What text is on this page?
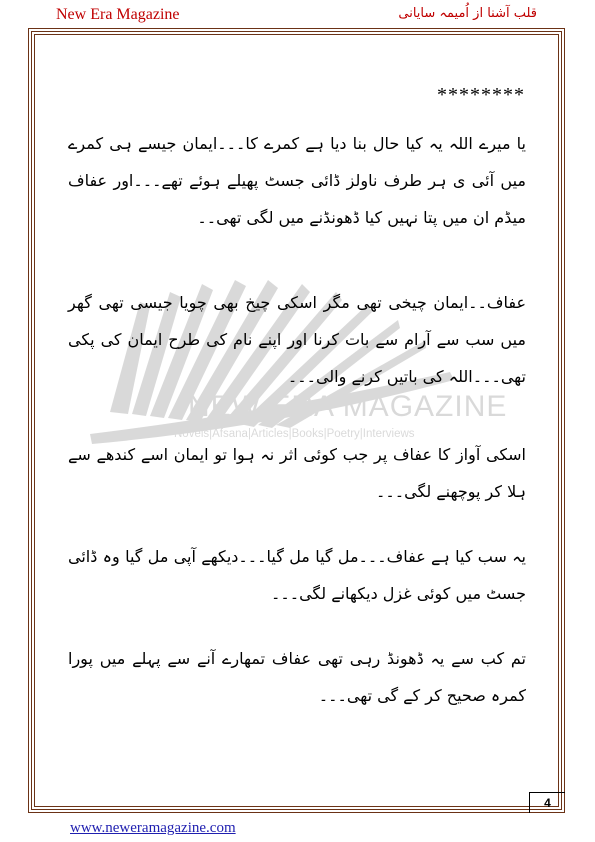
New Era Magazine	قلب آشنا از اُمیمہ سایانی
NEW ERA MAGAZINE
Novels|Afsana|Articles|Books|Poetry|Interviews
********

یا میرے اللہ یہ کیا حال بنا دیا ہے کمرے کا۔۔۔ایمان جیسے ہی کمرے میں آئی ی ہر طرف ناولز ڈائی جسٹ پھیلے ہوئے تھے۔۔۔اور عفاف میڈم ان میں پتا نہیں کیا ڈھونڈنے میں لگی تھی۔۔

عفاف۔۔ایمان چیخی تھی مگر اسکی چیخ بھی چویا جیسی تھی گھر میں سب سے آرام سے بات کرنا اور اپنے نام کی طرح ایمان کی پکی تھی۔۔۔اللہ کی باتیں کرنے والی۔۔۔

اسکی آواز کا عفاف پر جب کوئی اثر نہ ہوا تو ایمان اسے کندھے سے ہلا کر پوچھنے لگی۔۔۔

یہ سب کیا ہے عفاف۔۔۔مل گیا مل گیا۔۔۔دیکھے آپی مل گیا وہ ڈائی جسٹ میں کوئی غزل دیکھانے لگی۔۔۔

تم کب سے یہ ڈھونڈ رہی تھی عفاف تمھارے آنے سے پہلے میں پورا کمرہ صحیح کر کے گی تھی۔۔۔

4
www.neweramagazine.com
